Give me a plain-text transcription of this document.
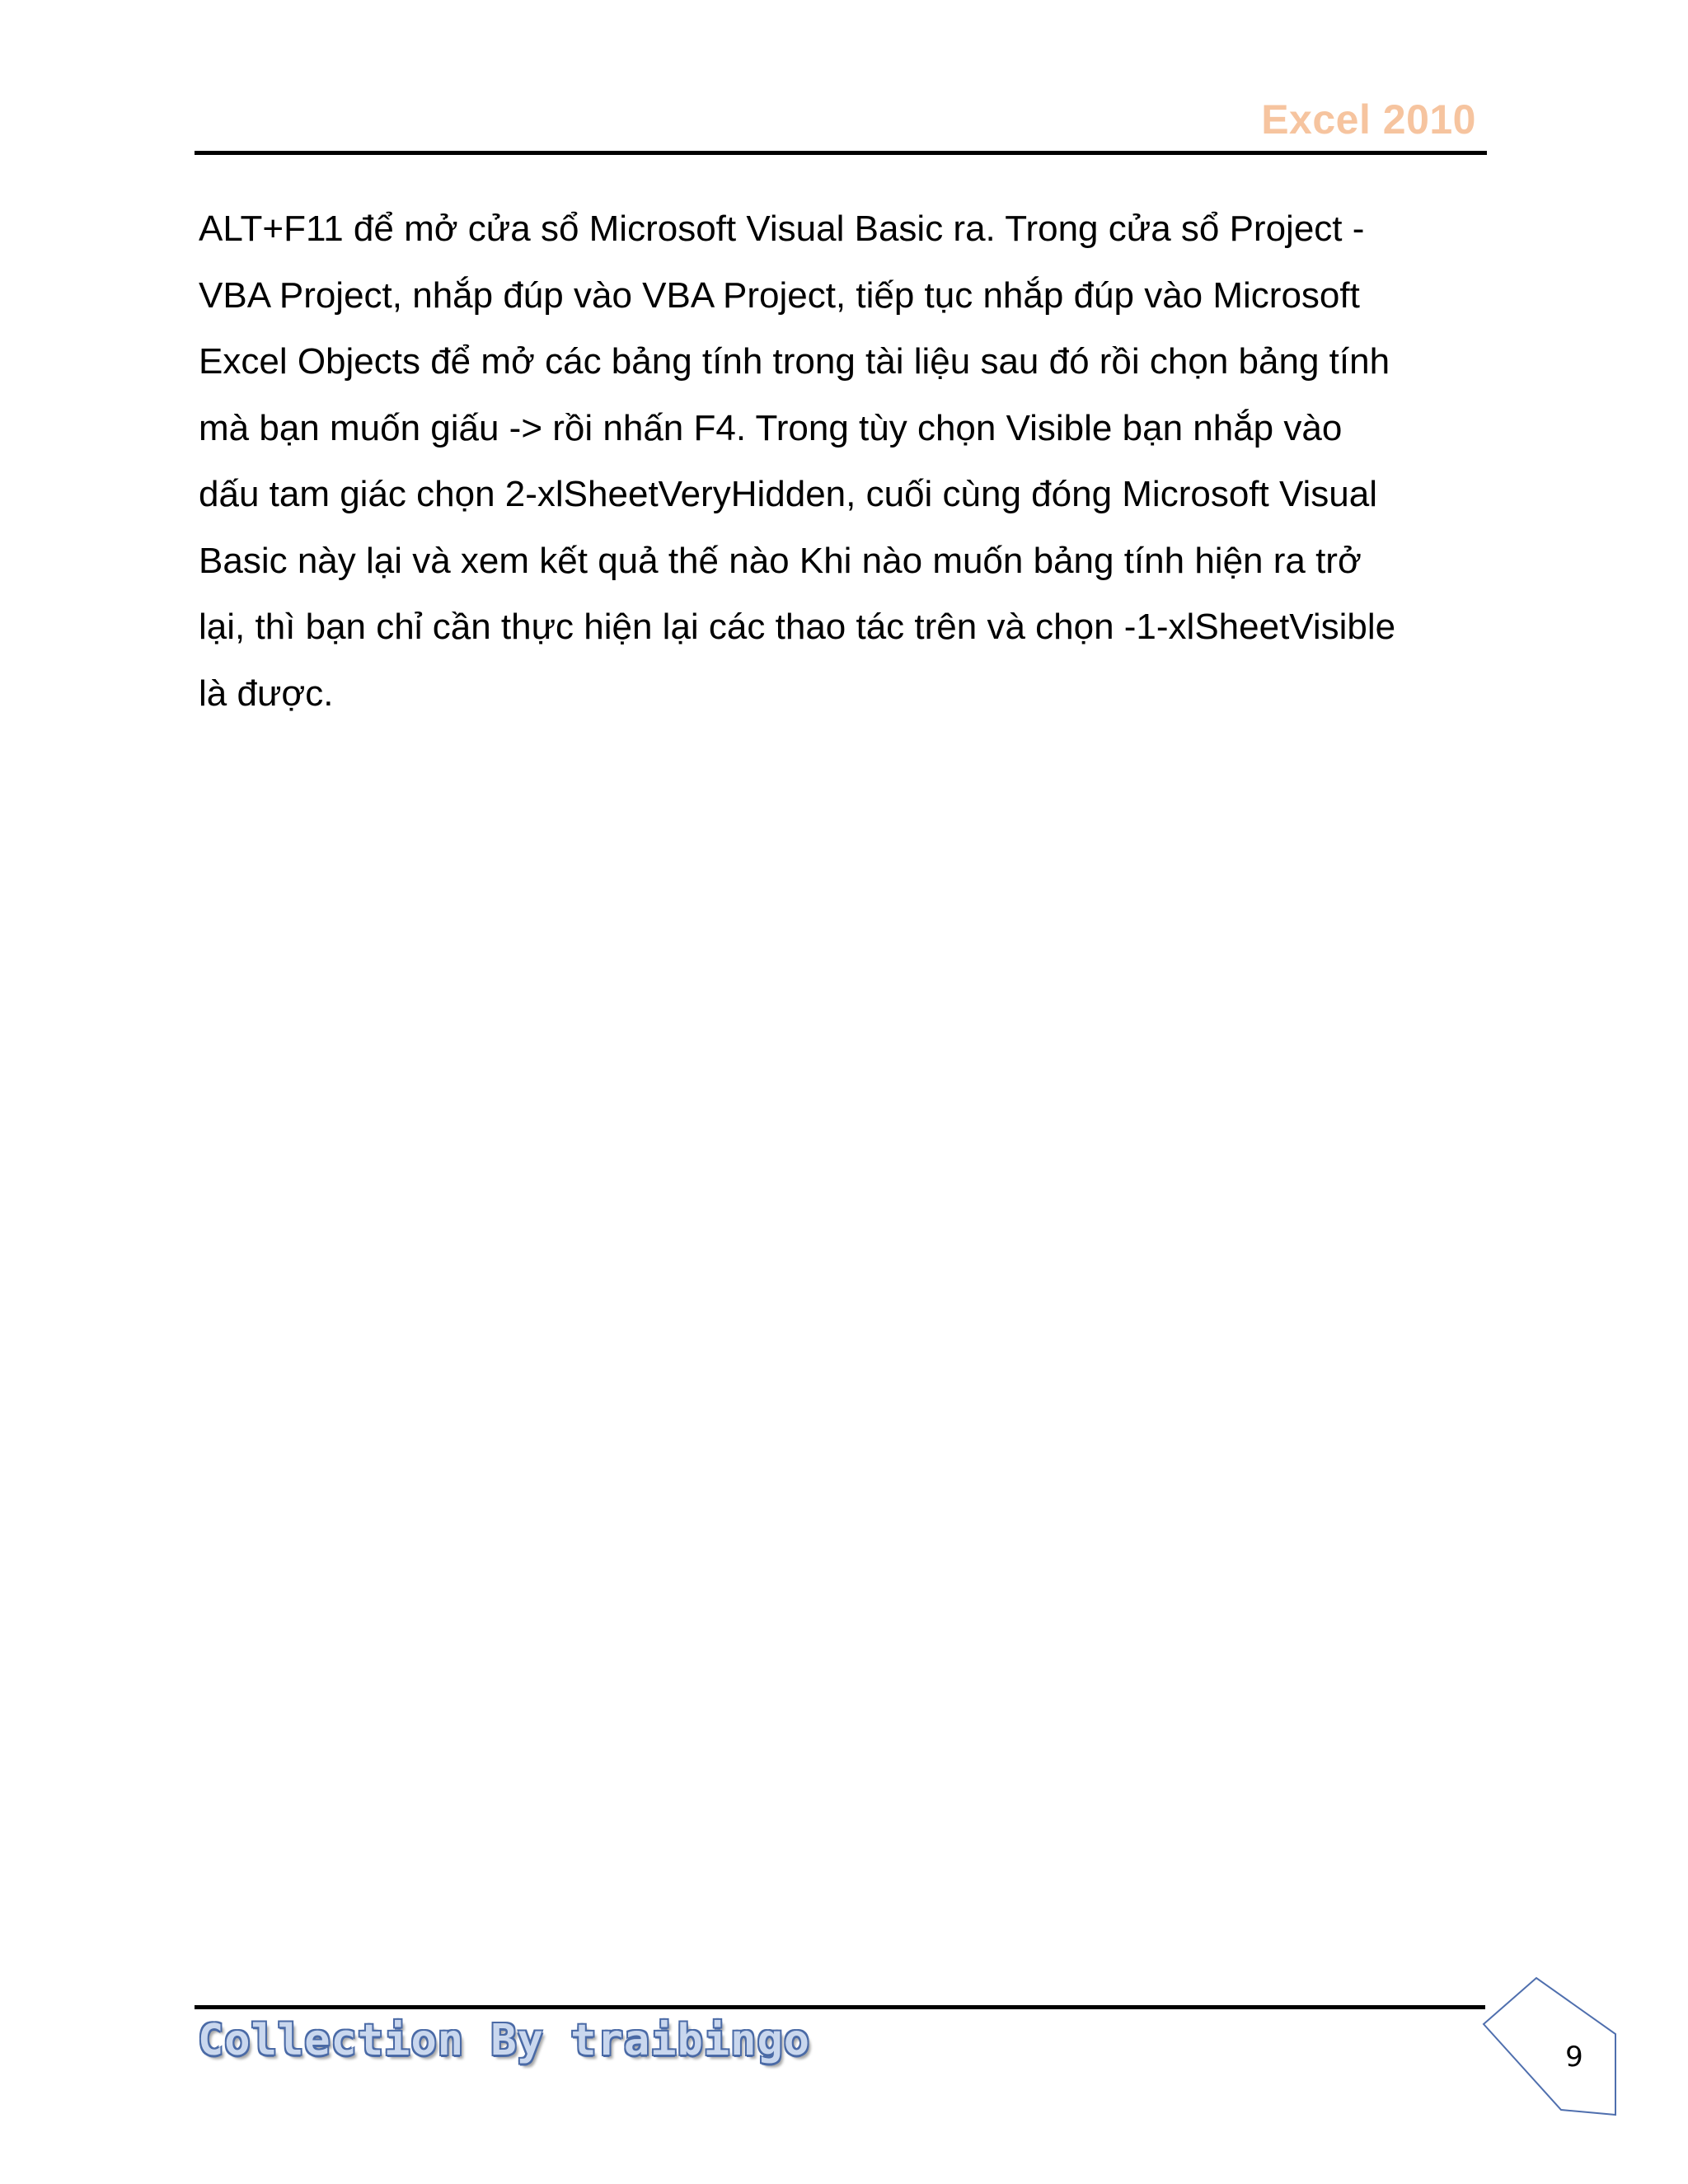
Excel 2010

ALT+F11 để mở cửa sổ Microsoft Visual Basic ra. Trong cửa sổ Project -
VBA Project, nhắp đúp vào VBA Project, tiếp tục nhắp đúp vào Microsoft
Excel Objects để mở các bảng tính trong tài liệu sau đó rồi chọn bảng tính
mà bạn muốn giấu -> rồi nhấn F4. Trong tùy chọn Visible bạn nhắp vào
dấu tam giác chọn 2-xlSheetVeryHidden, cuối cùng đóng Microsoft Visual
Basic này lại và xem kết quả thế nào Khi nào muốn bảng tính hiện ra trở
lại, thì bạn chỉ cần thực hiện lại các thao tác trên và chọn -1-xlSheetVisible
là được.

Collection By traibingo	9
